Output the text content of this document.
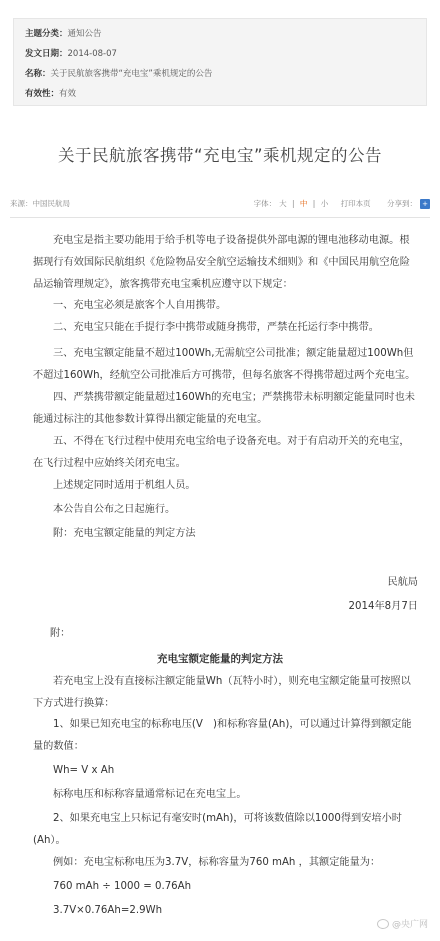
主题分类：通知公告
发文日期：2014-08-07
名称：关于民航旅客携带“充电宝”乘机规定的公告
有效性：有效
关于民航旅客携带“充电宝”乘机规定的公告
来源：中国民航局	字体： 大 | 中 | 小 打印本页 分享到： +

充电宝是指主要功能用于给手机等电子设备提供外部电源的锂电池移动电源。根据现行有效国际民航组织《危险物品安全航空运输技术细则》和《中国民用航空危险品运输管理规定》，旅客携带充电宝乘机应遵守以下规定：

一、充电宝必须是旅客个人自用携带。

二、充电宝只能在手提行李中携带或随身携带，严禁在托运行李中携带。

三、充电宝额定能量不超过100Wh,无需航空公司批准；额定能量超过100Wh但不超过160Wh，经航空公司批准后方可携带，但每名旅客不得携带超过两个充电宝。

四、严禁携带额定能量超过160Wh的充电宝；严禁携带未标明额定能量同时也未能通过标注的其他参数计算得出额定能量的充电宝。

五、不得在飞行过程中使用充电宝给电子设备充电。对于有启动开关的充电宝，在飞行过程中应始终关闭充电宝。

上述规定同时适用于机组人员。

本公告自公布之日起施行。

附：充电宝额定能量的判定方法

民航局
2014年8月7日
附：
充电宝额定能量的判定方法

若充电宝上没有直接标注额定能量Wh（瓦特小时），则充电宝额定能量可按照以下方式进行换算：

1、如果已知充电宝的标称电压(V　)和标称容量(Ah)，可以通过计算得到额定能量的数值：

Wh= V x Ah

标称电压和标称容量通常标记在充电宝上。

2、如果充电宝上只标记有毫安时(mAh)，可将该数值除以1000得到安培小时(Ah）。

例如：充电宝标称电压为3.7V，标称容量为760 mAh ，其额定能量为：

760 mAh ÷ 1000 = 0.76Ah

3.7V×0.76Ah=2.9Wh

@央广网
